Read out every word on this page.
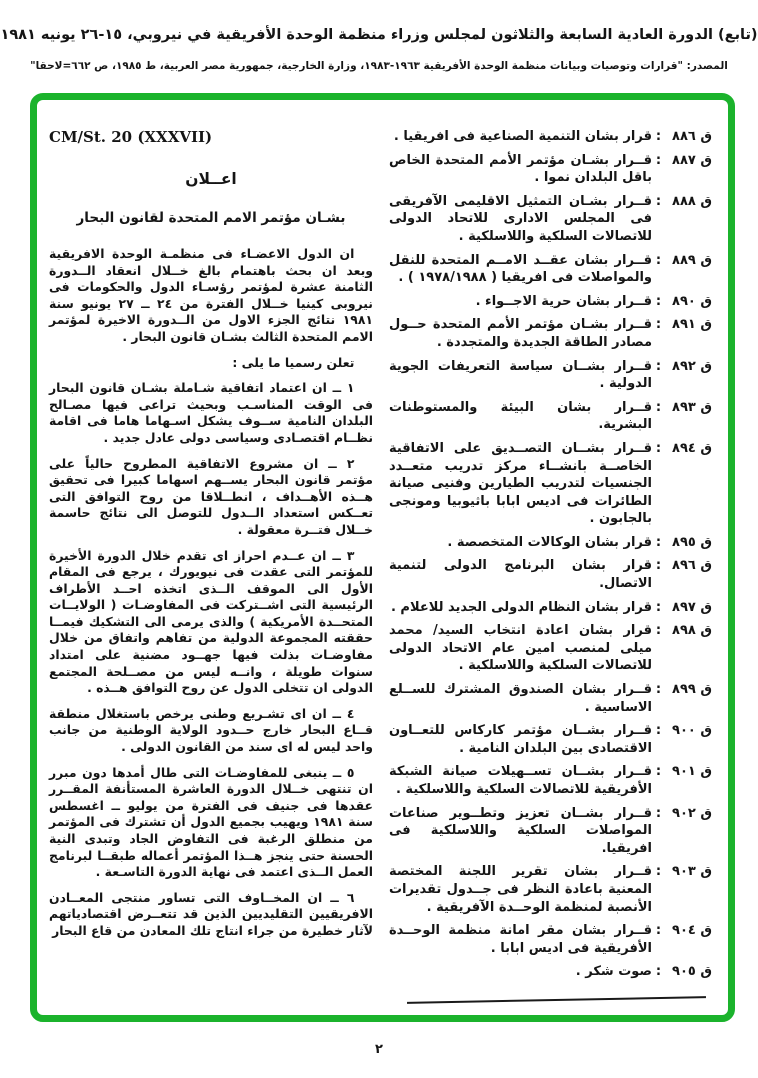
(تابع) الدورة العادية السابعة والثلاثون لمجلس وزراء منظمة الوحدة الأفريقية في نيروبي، ١٥-٢٦ يونيه ١٩٨١
المصدر: "قرارات وتوصيات وبيانات منظمة الوحدة الأفريقية ١٩٦٣-١٩٨٣، وزارة الخارجية، جمهورية مصر العربية، ط ١٩٨٥، ص ٦٦٢=لاحقا"
ق ٨٨٦
:
قرار بشان التنمية الصناعية فى افريقيا .
ق ٨٨٧
:
قــرار بشـان مؤتمر الأمم المتحدة الخاص باقل البلدان نموا .
ق ٨٨٨
:
قــرار بشـان التمثيل الاقليمى الآفريقى فى المجلس الادارى للاتحاد الدولى للاتصالات السلكية واللاسلكية .
ق ٨٨٩
:
قــرار بشان عقــد الامــم المتحدة للنقل والمواصلات فى افريقيا ( ١٩٧٨/١٩٨٨ ) .
ق ٨٩٠
:
قــرار بشان حرية الاجــواء .
ق ٨٩١
:
قــرار بشـان مؤتمر الأمم المتحدة حــول مصادر الطاقة الجديدة والمتجددة .
ق ٨٩٢
:
قــرار بشــان سياسة التعريفات الجوية الدولية .
ق ٨٩٣
:
قــرار بشان البيئة والمستوطنات البشرية.
ق ٨٩٤
:
قــرار بشــان التصــديق على الاتفاقية الخاصــة بانشــاء مركز تدريب متعــدد الجنسيات لتدريب الطيارين وفنيى صيانة الطائرات فى اديس ابابا باثيوبيا ومونجى بالجابون .
ق ٨٩٥
:
قرار بشان الوكالات المتخصصة .
ق ٨٩٦
:
قرار بشان البرنامج الدولى لتنمية الاتصال.
ق ٨٩٧
:
قرار بشان النظام الدولى الجديد للاعلام .
ق ٨٩٨
:
قرار بشان اعادة انتخاب السيد/ محمد ميلى لمنصب امين عام الاتحاد الدولى للاتصالات السلكية واللاسلكية .
ق ٨٩٩
:
قــرار بشان الصندوق المشترك للســلع الاساسية .
ق ٩٠٠
:
قــرار بشــان مؤتمر كاركاس للتعــاون الاقتصادى بين البلدان النامية .
ق ٩٠١
:
قــرار بشــان تســهيلات صيانة الشبكة الأفريقية للاتصالات السلكية واللاسلكية .
ق ٩٠٢
:
قــرار بشــان تعزيز وتطــوير صناعات المواصلات السلكية واللاسلكية فى افريقيا.
ق ٩٠٣
:
قــرار بشان تقرير اللجنة المختصة المعنية باعادة النظر فى جــدول تقديرات الأنصبة لمنظمة الوحــدة الآفريقية .
ق ٩٠٤
:
قــرار بشان مقر امانة منظمة الوحــدة الأفريقية فى اديس ابابا .
ق ٩٠٥
:
صوت شكر .
CM/St. 20 (XXXVII)
اعــلان
بشـان مؤتمر الامم المتحدة لقانون البحار

ان الدول الاعضـاء فى منظمـة الوحدة الافريقية وبعد ان بحث باهتمام بالغ خــلال انعقاد الــدورة الثامنة عشرة لمؤتمر رؤسـاء الدول والحكومات فى نيروبى كينيا خــلال الفترة من ٢٤ ــ ٢٧ يونيو سنة ١٩٨١ نتائج الجزء الاول من الــدورة الاخيرة لمؤتمر الامم المتحدة الثالث بشـان قانون البحار .

تعلن رسميا ما يلى :

١ ــ ان اعتماد اتفاقية شـاملة بشـان قانون البحار فى الوقت المناسـب وبحيث تراعى فيها مصـالح البلدان النامية ســوف يشكل اسـهاما هاما فى اقامة نظــام اقتصـادى وسياسى دولى عادل جديد .

٢ ــ ان مشروع الاتفاقية المطروح حالياً على مؤتمر قانون البحار يســهم اسهاما كبيرا فى تحقيق هــذه الأهــداف ، انطــلاقا من روح التوافق التى تعــكس استعداد الــدول للتوصل الى نتائج حاسمة خــلال فتــرة معقولة .

٣ ــ ان عــدم احراز اى تقدم خلال الدورة الأخيرة للمؤتمر التى عقدت فى نيويورك ، يرجع فى المقام الأول الى الموقف الــذى اتخذه احــد الأطراف الرئيسية التى اشــتركت فى المفاوضـات ( الولايــات المتحــدة الأمريكية ) والذى يرمى الى التشكيك فيمــا حققته المجموعة الدولية من تفاهم واتفاق من خلال مفاوضـات بذلت فيها جهــود مضنية على امتداد سنوات طويلة ، وانــه ليس من مصــلحة المجتمع الدولى ان تتخلى الدول عن روح التوافق هــذه .

٤ ــ ان اى تشـريع وطنى يرخص باستغلال منطقة قــاع البحار خارج حــدود الولاية الوطنية من جانب واحد ليس له اى سند من القانون الدولى .

٥ ــ ينبغى للمفاوضـات التى طال أمدها دون مبرر ان تنتهى خــلال الدورة العاشرة المستأنفة المقــرر عقدها فى جنيف فى الفترة من يوليو ــ اغسطس سنة ١٩٨١ ويهيب بجميع الدول أن تشترك فى المؤتمر من منطلق الرغبة فى التفاوض الجاد وتبدى النية الحسنة حتى ينجز هــذا المؤتمر أعماله طبقــا لبرنامج العمل الــذى اعتمد فى نهاية الدورة التاسـعة .

٦ ــ ان المخــاوف التى تساور منتجى المعــادن الافريقيين التقليديين الذين قد تتعــرض اقتصادياتهم لآثار خطيرة من جراء انتاج تلك المعادن من قاع البحار

٢
